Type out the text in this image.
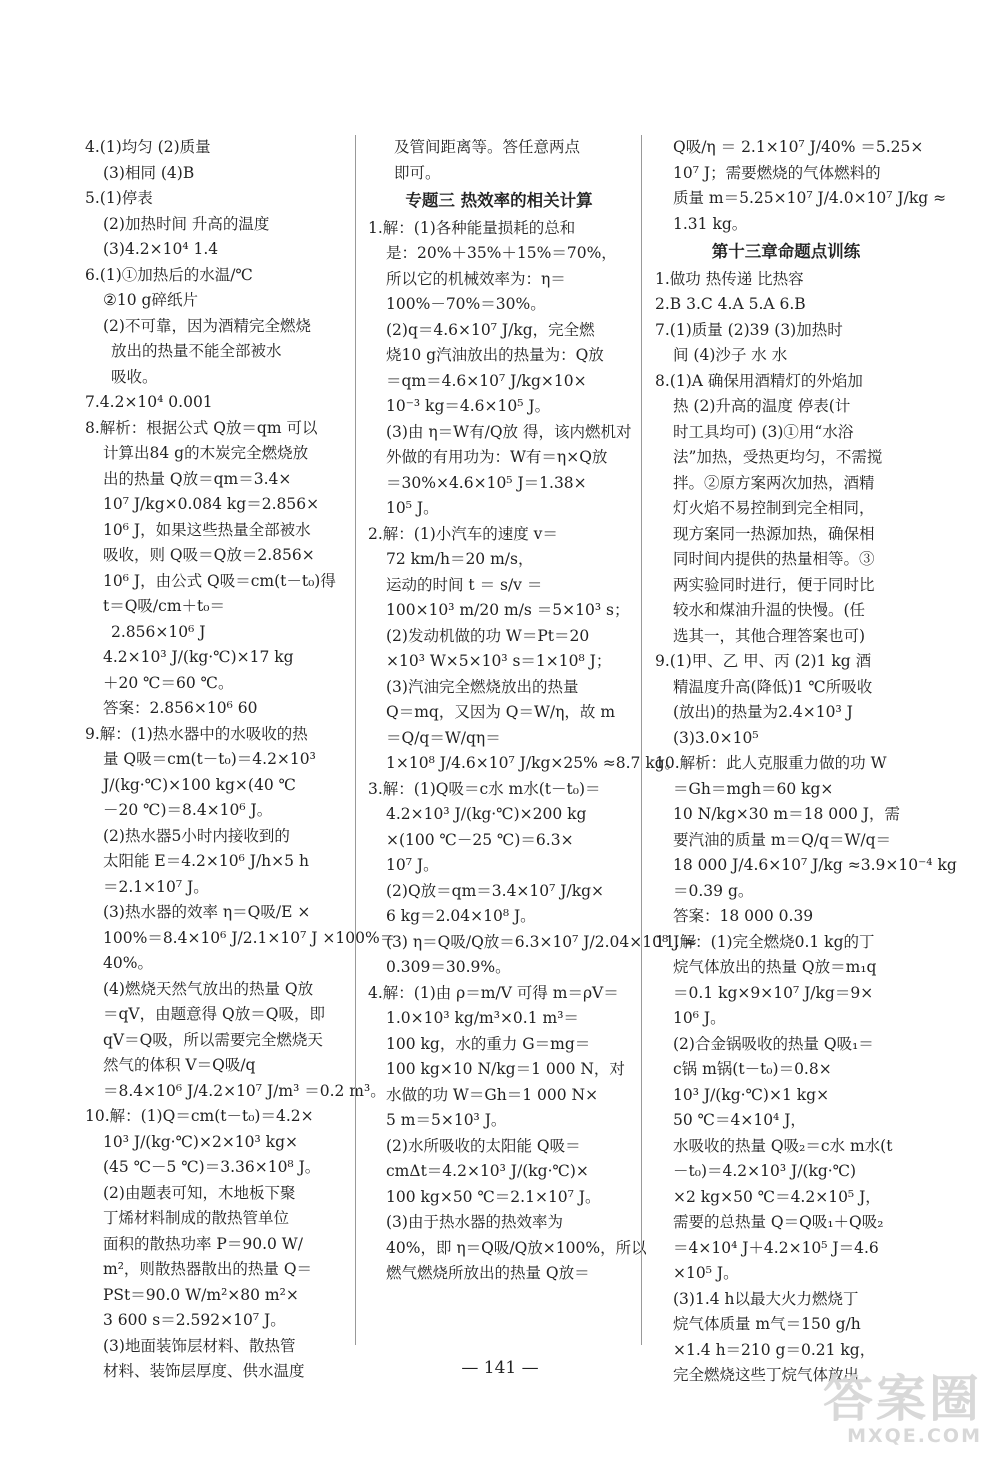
4.(1)均匀 (2)质量
(3)相同 (4)B
5.(1)停表
(2)加热时间 升高的温度
(3)4.2×10⁴ 1.4
6.(1)①加热后的水温/℃
②10 g碎纸片
(2)不可靠，因为酒精完全燃烧
放出的热量不能全部被水
吸收。
7.4.2×10⁴ 0.001
8.解析：根据公式 Q放＝qm 可以
计算出84 g的木炭完全燃烧放
出的热量 Q放＝qm＝3.4×
10⁷ J/kg×0.084 kg＝2.856×
10⁶ J，如果这些热量全部被水
吸收，则 Q吸＝Q放＝2.856×
10⁶ J，由公式 Q吸＝cm(t－t₀)得
t＝Q吸/cm＋t₀＝
2.856×10⁶ J
4.2×10³ J/(kg·℃)×17 kg
＋20 ℃＝60 ℃。
答案：2.856×10⁶ 60
9.解：(1)热水器中的水吸收的热
量 Q吸＝cm(t－t₀)＝4.2×10³
J/(kg·℃)×100 kg×(40 ℃
－20 ℃)＝8.4×10⁶ J。
(2)热水器5小时内接收到的
太阳能 E＝4.2×10⁶ J/h×5 h
＝2.1×10⁷ J。
(3)热水器的效率 η＝Q吸/E ×
100%＝8.4×10⁶ J/2.1×10⁷ J ×100%＝
40%。
(4)燃烧天然气放出的热量 Q放
＝qV，由题意得 Q放＝Q吸，即
qV＝Q吸，所以需要完全燃烧天
然气的体积 V＝Q吸/q
＝8.4×10⁶ J/4.2×10⁷ J/m³ ＝0.2 m³。
10.解：(1)Q＝cm(t－t₀)＝4.2×
10³ J/(kg·℃)×2×10³ kg×
(45 ℃－5 ℃)＝3.36×10⁸ J。
(2)由题表可知，木地板下聚
丁烯材料制成的散热管单位
面积的散热功率 P＝90.0 W/
m²，则散热器散出的热量 Q＝
PSt＝90.0 W/m²×80 m²×
3 600 s＝2.592×10⁷ J。
(3)地面装饰层材料、散热管
材料、装饰层厚度、供水温度
及管间距离等。答任意两点
即可。
专题三 热效率的相关计算
1.解：(1)各种能量损耗的总和
是：20%＋35%＋15%＝70%，
所以它的机械效率为：η＝
100%－70%＝30%。
(2)q＝4.6×10⁷ J/kg，完全燃
烧10 g汽油放出的热量为：Q放
＝qm＝4.6×10⁷ J/kg×10×
10⁻³ kg＝4.6×10⁵ J。
(3)由 η＝W有/Q放 得，该内燃机对
外做的有用功为：W有＝η×Q放
＝30%×4.6×10⁵ J＝1.38×
10⁵ J。
2.解：(1)小汽车的速度 v＝
72 km/h＝20 m/s，
运动的时间 t ＝ s/v ＝
100×10³ m/20 m/s ＝5×10³ s；
(2)发动机做的功 W＝Pt＝20
×10³ W×5×10³ s＝1×10⁸ J；
(3)汽油完全燃烧放出的热量
Q＝mq，又因为 Q＝W/η，故 m
＝Q/q＝W/qη＝
1×10⁸ J/4.6×10⁷ J/kg×25% ≈8.7 kg。
3.解：(1)Q吸＝c水 m水(t－t₀)＝
4.2×10³ J/(kg·℃)×200 kg
×(100 ℃－25 ℃)＝6.3×
10⁷ J。
(2)Q放＝qm＝3.4×10⁷ J/kg×
6 kg＝2.04×10⁸ J。
(3) η＝Q吸/Q放＝6.3×10⁷ J/2.04×10⁸ J ≈
0.309＝30.9%。
4.解：(1)由 ρ＝m/V 可得 m＝ρV＝
1.0×10³ kg/m³×0.1 m³＝
100 kg，水的重力 G＝mg＝
100 kg×10 N/kg＝1 000 N，对
水做的功 W＝Gh＝1 000 N×
5 m＝5×10³ J。
(2)水所吸收的太阳能 Q吸＝
cmΔt＝4.2×10³ J/(kg·℃)×
100 kg×50 ℃＝2.1×10⁷ J。
(3)由于热水器的热效率为
40%，即 η＝Q吸/Q放×100%，所以
燃气燃烧所放出的热量 Q放＝
Q吸/η ＝ 2.1×10⁷ J/40% ＝5.25×
10⁷ J；需要燃烧的气体燃料的
质量 m＝5.25×10⁷ J/4.0×10⁷ J/kg ≈
1.31 kg。
第十三章命题点训练
1.做功 热传递 比热容
2.B 3.C 4.A 5.A 6.B
7.(1)质量 (2)39 (3)加热时
间 (4)沙子 水 水
8.(1)A 确保用酒精灯的外焰加
热 (2)升高的温度 停表(计
时工具均可) (3)①用“水浴
法”加热，受热更均匀，不需搅
拌。②原方案两次加热，酒精
灯火焰不易控制到完全相同，
现方案同一热源加热，确保相
同时间内提供的热量相等。③
两实验同时进行，便于同时比
较水和煤油升温的快慢。(任
选其一，其他合理答案也可)
9.(1)甲、乙 甲、丙 (2)1 kg 酒
精温度升高(降低)1 ℃所吸收
(放出)的热量为2.4×10³ J
(3)3.0×10⁵
10.解析：此人克服重力做的功 W
＝Gh＝mgh＝60 kg×
10 N/kg×30 m＝18 000 J，需
要汽油的质量 m＝Q/q＝W/q＝
18 000 J/4.6×10⁷ J/kg ≈3.9×10⁻⁴ kg
＝0.39 g。
答案：18 000 0.39
11.解：(1)完全燃烧0.1 kg的丁
烷气体放出的热量 Q放＝m₁q
＝0.1 kg×9×10⁷ J/kg＝9×
10⁶ J。
(2)合金锅吸收的热量 Q吸₁＝
c锅 m锅(t－t₀)＝0.8×
10³ J/(kg·℃)×1 kg×
50 ℃＝4×10⁴ J，
水吸收的热量 Q吸₂＝c水 m水(t
－t₀)＝4.2×10³ J/(kg·℃)
×2 kg×50 ℃＝4.2×10⁵ J，
需要的总热量 Q＝Q吸₁＋Q吸₂
＝4×10⁴ J＋4.2×10⁵ J＝4.6
×10⁵ J。
(3)1.4 h以最大火力燃烧丁
烷气体质量 m气＝150 g/h
×1.4 h＝210 g＝0.21 kg，
完全燃烧这些丁烷气体放出
— 141 —
答案圈
MXQE.COM
